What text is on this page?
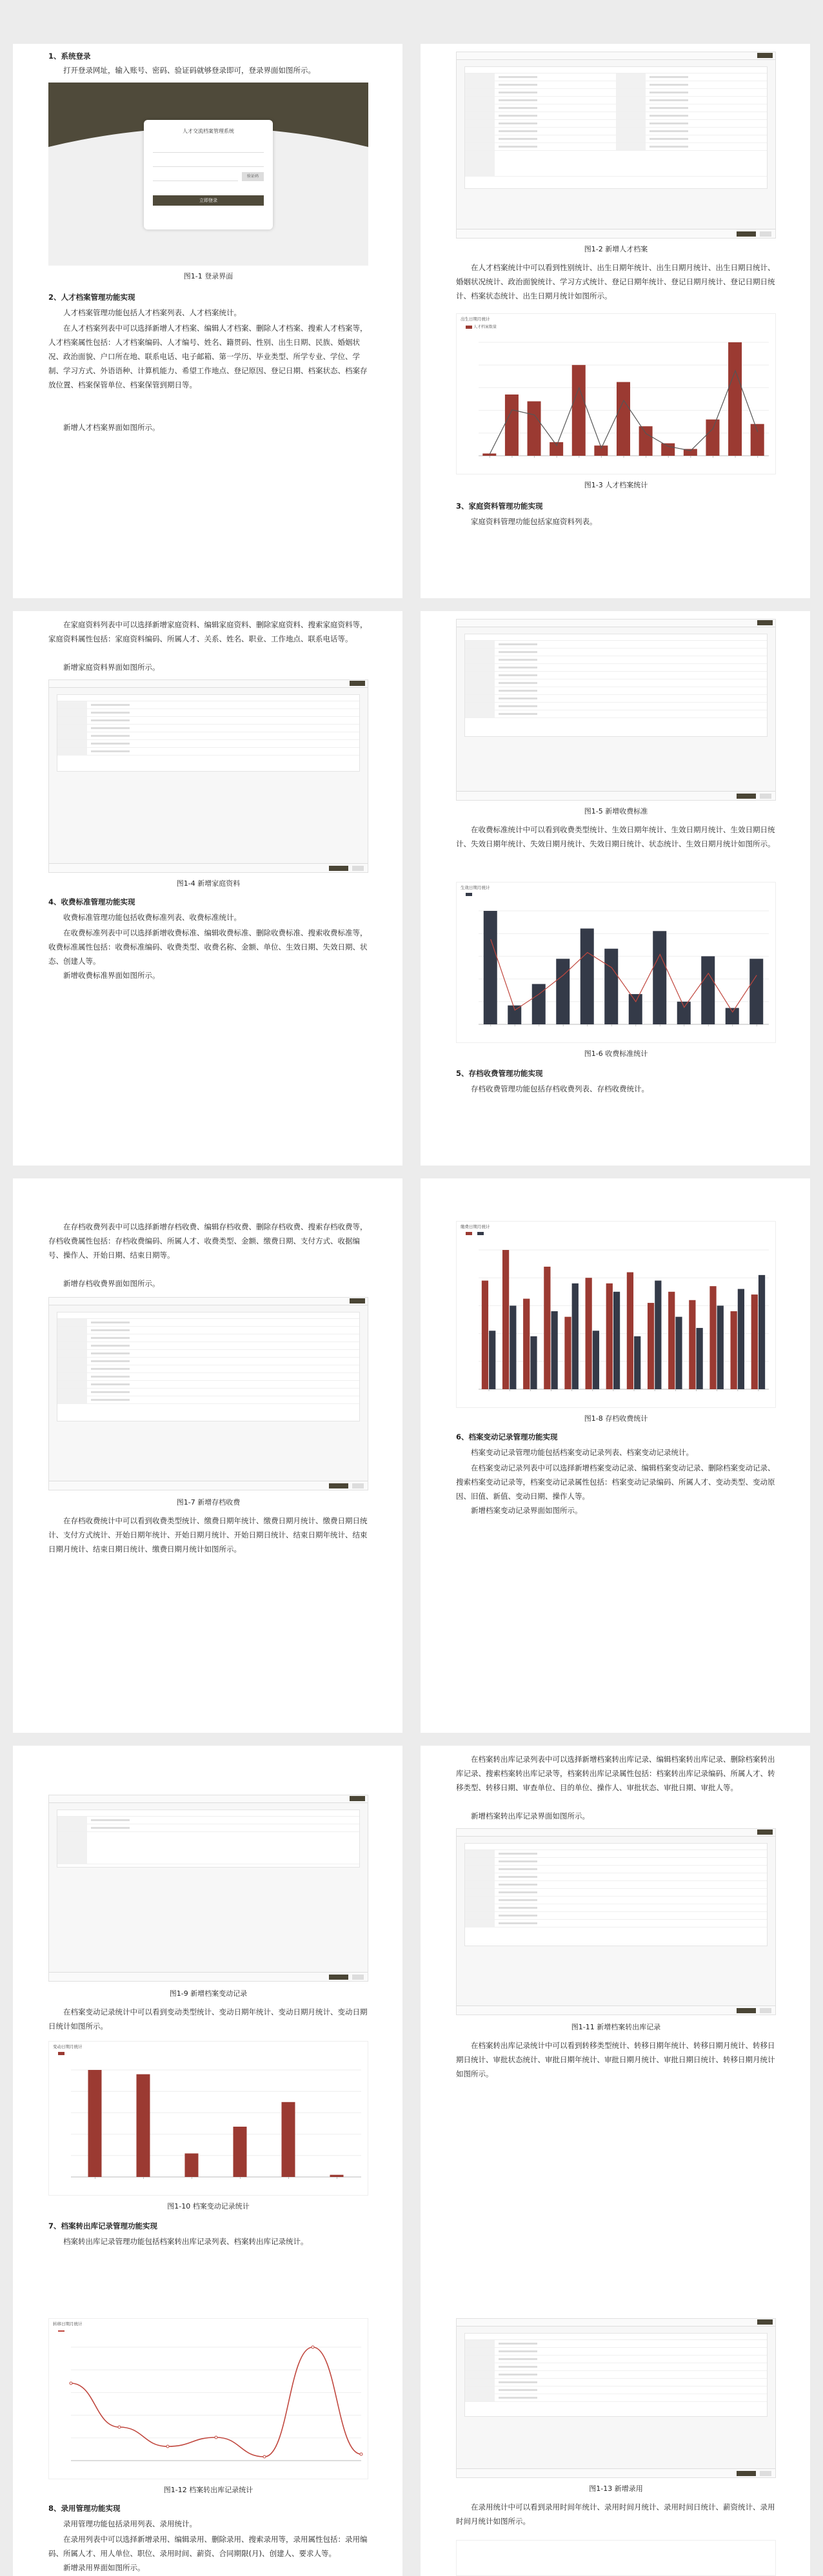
1、系统登录
打开登录网址，输入账号、密码、验证码就够登录即可，登录界面如图所示。
人才交流档案管理系统
验证码
立即登录
图1-1 登录界面
2、人才档案管理功能实现
人才档案管理功能包括人才档案列表、人才档案统计。
在人才档案列表中可以选择新增人才档案、编辑人才档案、删除人才档案、搜索人才档案等，人才档案属性包括：人才档案编码、人才编号、姓名、籍贯码、性别、出生日期、民族、婚姻状况、政治面貌、户口所在地、联系电话、电子邮箱、第一学历、毕业类型、所学专业、学位、学制、学习方式、外语语种、计算机能力、希望工作地点、登记原因、登记日期、档案状态、档案存放位置、档案保管单位、档案保管到期日等。
新增人才档案界面如图所示。
图1-2 新增人才档案
在人才档案统计中可以看到性别统计、出生日期年统计、出生日期月统计、出生日期日统计、婚姻状况统计、政治面貌统计、学习方式统计、登记日期年统计、登记日期月统计、登记日期日统计、档案状态统计、出生日期月统计如图所示。
出生日期月统计
人才档案数量
图1-3 人才档案统计
3、家庭资料管理功能实现
家庭资料管理功能包括家庭资料列表。
在家庭资料列表中可以选择新增家庭资料、编辑家庭资料、删除家庭资料、搜索家庭资料等，家庭资料属性包括：家庭资料编码、所属人才、关系、姓名、职业、工作地点、联系电话等。
新增家庭资料界面如图所示。
图1-4 新增家庭资料
4、收费标准管理功能实现
收费标准管理功能包括收费标准列表、收费标准统计。
在收费标准列表中可以选择新增收费标准、编辑收费标准、删除收费标准、搜索收费标准等，收费标准属性包括：收费标准编码、收费类型、收费名称、金额、单位、生效日期、失效日期、状态、创建人等。
新增收费标准界面如图所示。
图1-5 新增收费标准
在收费标准统计中可以看到收费类型统计、生效日期年统计、生效日期月统计、生效日期日统计、失效日期年统计、失效日期月统计、失效日期日统计、状态统计、生效日期月统计如图所示。
生效日期月统计
图1-6 收费标准统计
5、存档收费管理功能实现
存档收费管理功能包括存档收费列表、存档收费统计。
在存档收费列表中可以选择新增存档收费、编辑存档收费、删除存档收费、搜索存档收费等，存档收费属性包括：存档收费编码、所属人才、收费类型、金额、缴费日期、支付方式、收据编号、操作人、开始日期、结束日期等。
新增存档收费界面如图所示。
图1-7 新增存档收费
在存档收费统计中可以看到收费类型统计、缴费日期年统计、缴费日期月统计、缴费日期日统计、支付方式统计、开始日期年统计、开始日期月统计、开始日期日统计、结束日期年统计、结束日期月统计、结束日期日统计、缴费日期月统计如图所示。
缴费日期月统计
图1-8 存档收费统计
6、档案变动记录管理功能实现
档案变动记录管理功能包括档案变动记录列表、档案变动记录统计。
在档案变动记录列表中可以选择新增档案变动记录、编辑档案变动记录、删除档案变动记录、搜索档案变动记录等，档案变动记录属性包括：档案变动记录编码、所属人才、变动类型、变动原因、旧值、新值、变动日期、操作人等。
新增档案变动记录界面如图所示。
图1-9 新增档案变动记录
在档案变动记录统计中可以看到变动类型统计、变动日期年统计、变动日期月统计、变动日期日统计如图所示。
变动日期月统计
图1-10 档案变动记录统计
7、档案转出库记录管理功能实现
档案转出库记录管理功能包括档案转出库记录列表、档案转出库记录统计。
在档案转出库记录列表中可以选择新增档案转出库记录、编辑档案转出库记录、删除档案转出库记录、搜索档案转出库记录等，档案转出库记录属性包括：档案转出库记录编码、所属人才、转移类型、转移日期、审查单位、目的单位、操作人、审批状态、审批日期、审批人等。
新增档案转出库记录界面如图所示。
图1-11 新增档案转出库记录
在档案转出库记录统计中可以看到转移类型统计、转移日期年统计、转移日期月统计、转移日期日统计、审批状态统计、审批日期年统计、审批日期月统计、审批日期日统计、转移日期月统计如图所示。
转移日期月统计
图1-12 档案转出库记录统计
8、录用管理功能实现
录用管理功能包括录用列表、录用统计。
在录用列表中可以选择新增录用、编辑录用、删除录用、搜索录用等，录用属性包括：录用编码、所属人才、用人单位、职位、录用时间、薪资、合同期限(月)、创建人、要求人等。
新增录用界面如图所示。
图1-13 新增录用
在录用统计中可以看到录用时间年统计、录用时间月统计、录用时间日统计、薪资统计、录用时间月统计如图所示。
